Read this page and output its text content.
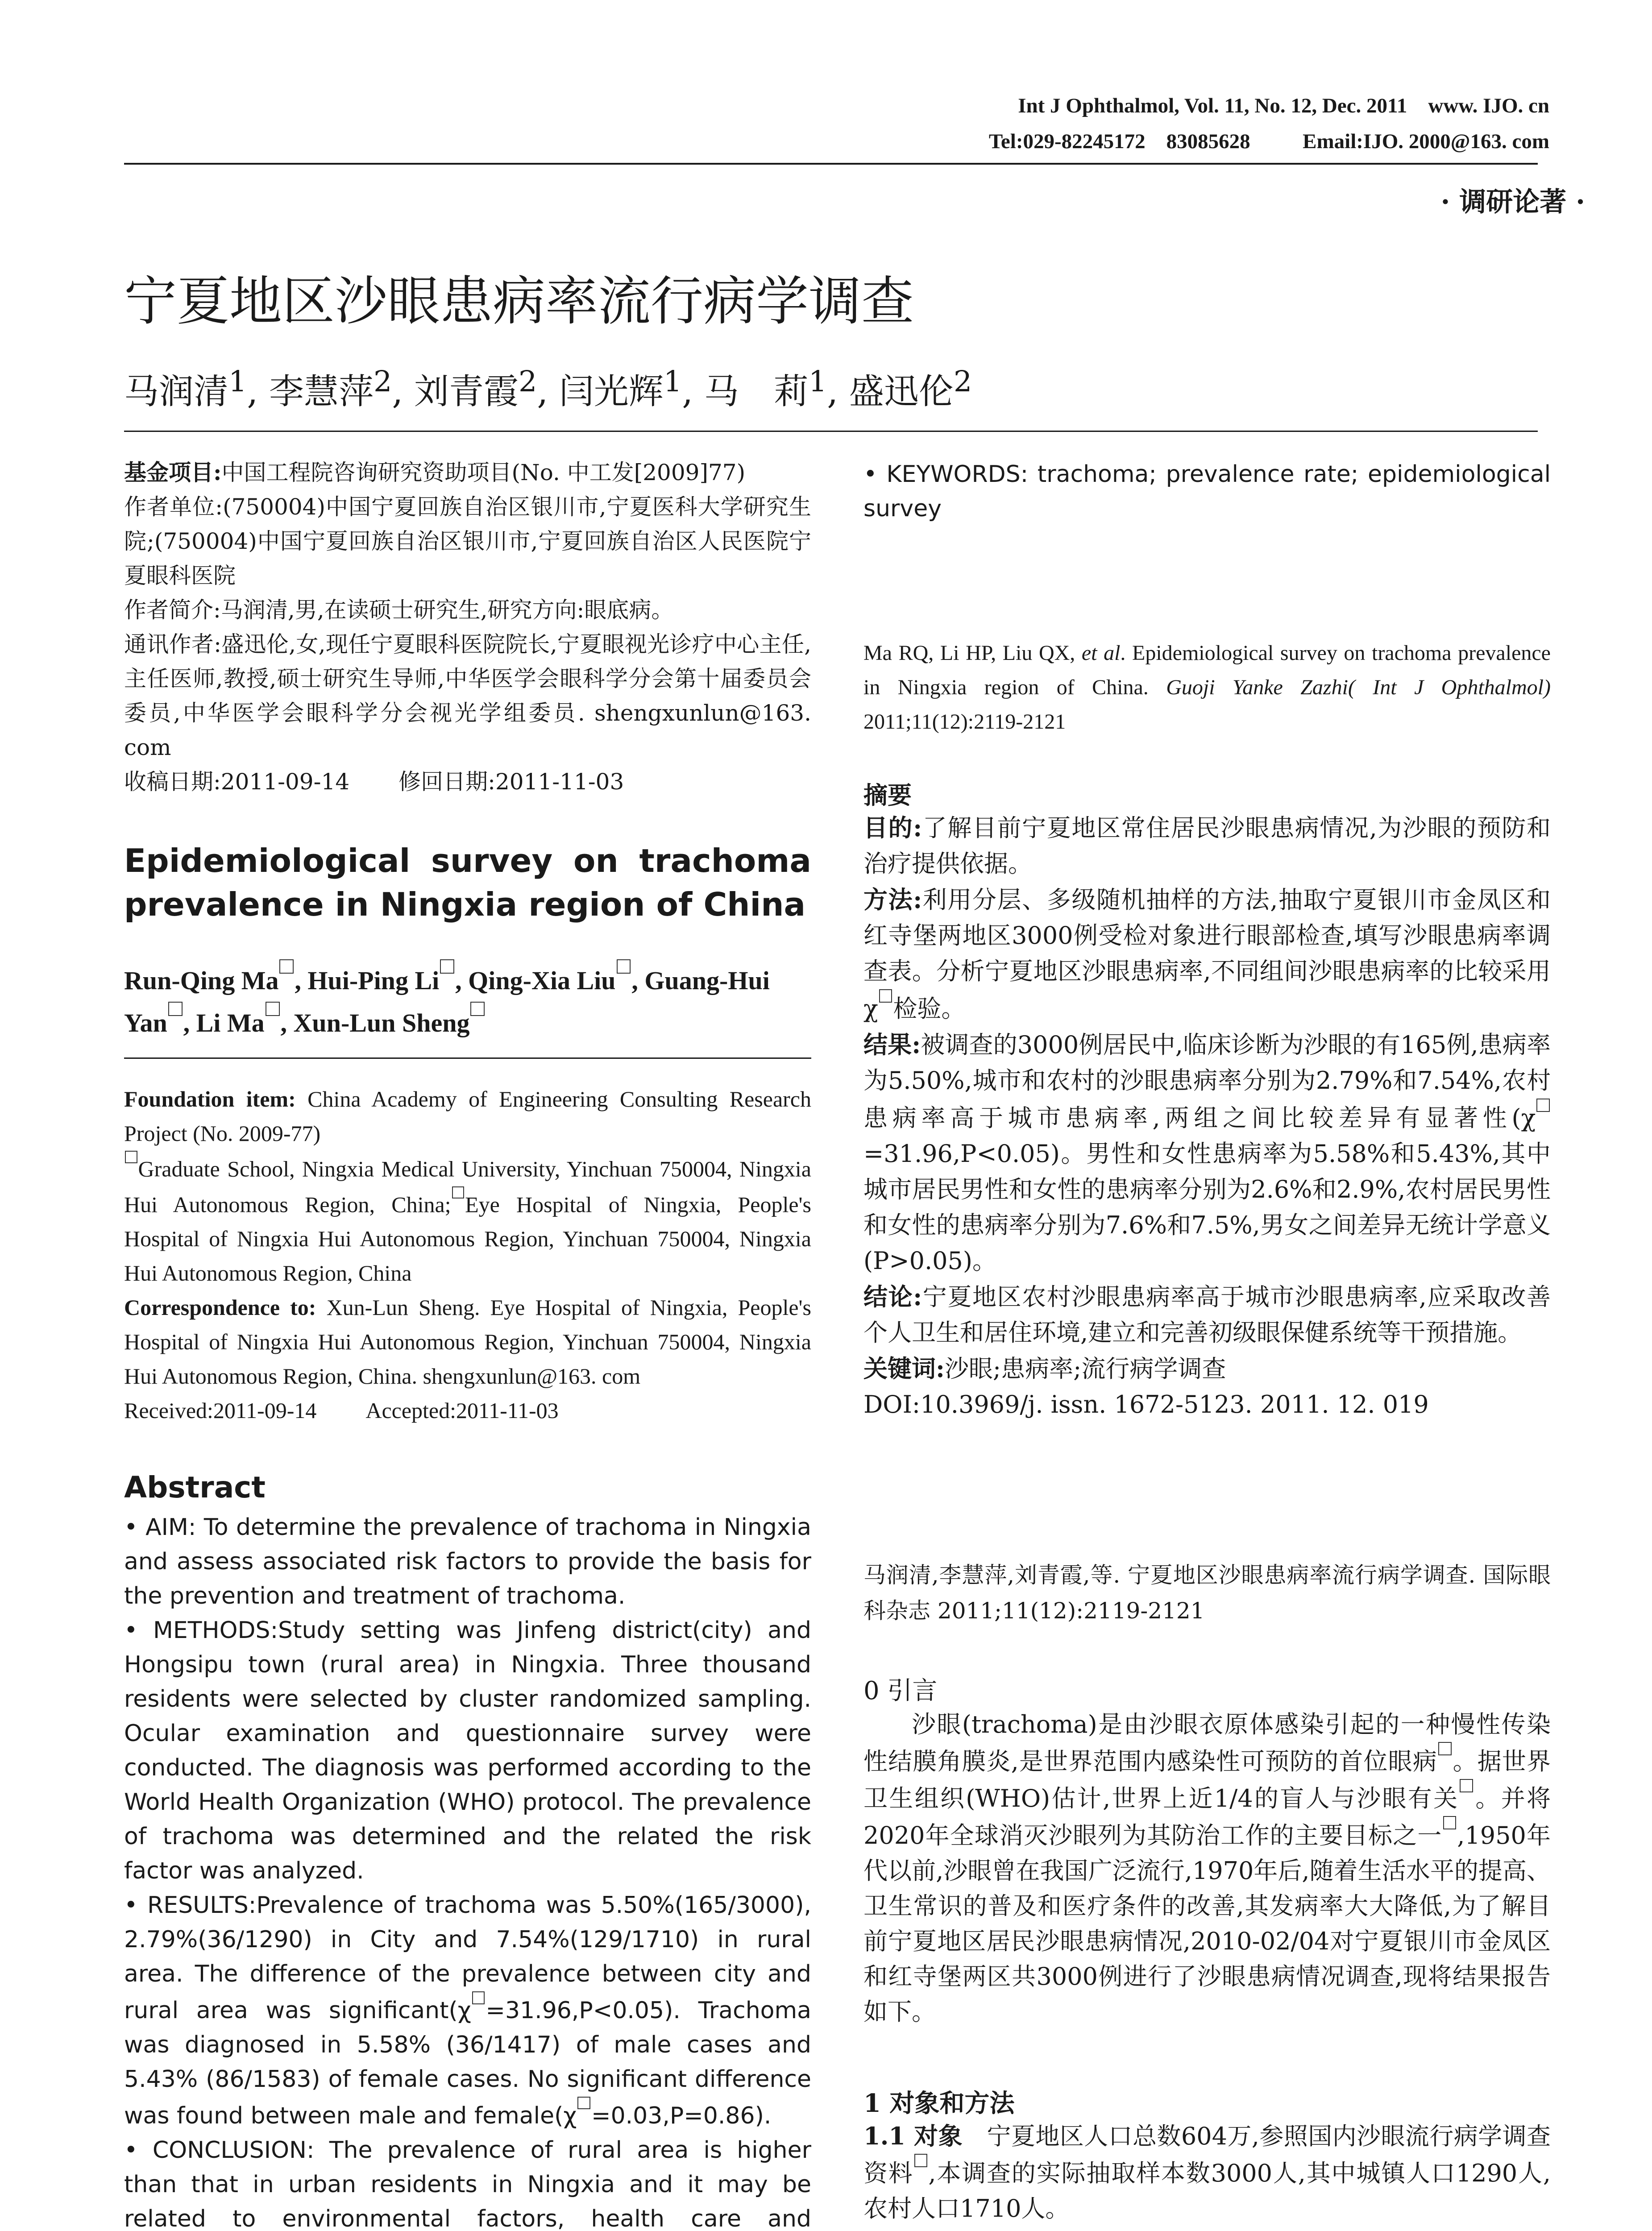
Int J Ophthalmol, Vol. 11, No. 12, Dec. 2011    www. IJO. cn
Tel:029-82245172    83085628          Email:IJO. 2000@163. com
· 调研论著 ·
宁夏地区沙眼患病率流行病学调查
马润清$^1$, 李慧萍$^2$, 刘青霞$^2$, 闫光辉$^1$, 马　莉$^1$, 盛迅伦$^2$

基金项目:中国工程院咨询研究资助项目(No. 中工发[2009]77)

作者单位:(750004)中国宁夏回族自治区银川市,宁夏医科大学研究生院;(750004)中国宁夏回族自治区银川市,宁夏回族自治区人民医院宁夏眼科医院

作者简介:马润清,男,在读硕士研究生,研究方向:眼底病。

通讯作者:盛迅伦,女,现任宁夏眼科医院院长,宁夏眼视光诊疗中心主任,主任医师,教授,硕士研究生导师,中华医学会眼科学分会第十届委员会委员,中华医学会眼科学分会视光学组委员. shengxunlun@163. com

收稿日期:2011-09-14 修回日期:2011-11-03

Epidemiological survey on trachoma prevalence in Ningxia region of China
Run-Qing Ma , Hui-Ping Li , Qing-Xia Liu , Guang-Hui Yan , Li Ma , Xun-Lun Sheng

Foundation item: China Academy of Engineering Consulting Research Project (No. 2009-77)

Graduate School, Ningxia Medical University, Yinchuan 750004, Ningxia Hui Autonomous Region, China; Eye Hospital of Ningxia, People's Hospital of Ningxia Hui Autonomous Region, Yinchuan 750004, Ningxia Hui Autonomous Region, China

Correspondence to: Xun-Lun Sheng. Eye Hospital of Ningxia, People's Hospital of Ningxia Hui Autonomous Region, Yinchuan 750004, Ningxia Hui Autonomous Region, China. shengxunlun@163. com

Received:2011-09-14 Accepted:2011-11-03

Abstract

• AIM: To determine the prevalence of trachoma in Ningxia and assess associated risk factors to provide the basis for the prevention and treatment of trachoma.

• METHODS:Study setting was Jinfeng district(city) and Hongsipu town (rural area) in Ningxia. Three thousand residents were selected by cluster randomized sampling. Ocular examination and questionnaire survey were conducted. The diagnosis was performed according to the World Health Organization (WHO) protocol. The prevalence of trachoma was determined and the related the risk factor was analyzed.

• RESULTS:Prevalence of trachoma was 5.50%(165/3000), 2.79%(36/1290) in City and 7.54%(129/1710) in rural area. The difference of the prevalence between city and rural area was significant(χ =31.96,P<0.05). Trachoma was diagnosed in 5.58% (36/1417) of male cases and 5.43% (86/1583) of female cases. No significant difference was found between male and female(χ =0.03,P=0.86).

• CONCLUSION: The prevalence of rural area is higher than that in urban residents in Ningxia and it may be related to environmental factors, health care and

• KEYWORDS: trachoma; prevalence rate; epidemiological survey

Ma RQ, Li HP, Liu QX, et al. Epidemiological survey on trachoma prevalence in Ningxia region of China. Guoji Yanke Zazhi( Int J Ophthalmol) 2011;11(12):2119-2121
摘要

目的:了解目前宁夏地区常住居民沙眼患病情况,为沙眼的预防和治疗提供依据。

方法:利用分层、多级随机抽样的方法,抽取宁夏银川市金凤区和红寺堡两地区3000例受检对象进行眼部检查,填写沙眼患病率调查表。分析宁夏地区沙眼患病率,不同组间沙眼患病率的比较采用χ 检验。

结果:被调查的3000例居民中,临床诊断为沙眼的有165例,患病率为5.50%,城市和农村的沙眼患病率分别为2.79%和7.54%,农村患病率高于城市患病率,两组之间比较差异有显著性(χ=31.96,P<0.05)。男性和女性患病率为5.58%和5.43%,其中城市居民男性和女性的患病率分别为2.6%和2.9%,农村居民男性和女性的患病率分别为7.6%和7.5%,男女之间差异无统计学意义(P>0.05)。

结论:宁夏地区农村沙眼患病率高于城市沙眼患病率,应采取改善个人卫生和居住环境,建立和完善初级眼保健系统等干预措施。

关键词:沙眼;患病率;流行病学调查

DOI:10.3969/j. issn. 1672-5123. 2011. 12. 019

马润清,李慧萍,刘青霞,等. 宁夏地区沙眼患病率流行病学调查. 国际眼科杂志 2011;11(12):2119-2121
0 引言
沙眼(trachoma)是由沙眼衣原体感染引起的一种慢性传染性结膜角膜炎,是世界范围内感染性可预防的首位眼病 。据世界卫生组织(WHO)估计,世界上近1/4的盲人与沙眼有关 。并将2020年全球消灭沙眼列为其防治工作的主要目标之一 ,1950年代以前,沙眼曾在我国广泛流行,1970年后,随着生活水平的提高、卫生常识的普及和医疗条件的改善,其发病率大大降低,为了解目前宁夏地区居民沙眼患病情况,2010-02/04对宁夏银川市金凤区和红寺堡两区共3000例进行了沙眼患病情况调查,现将结果报告如下。
1 对象和方法
1.1 对象　 宁夏地区人口总数604万,参照国内沙眼流行病学调查资料 ,本调查的实际抽取样本数3000人,其中城镇人口1290人,农村人口1710人。
